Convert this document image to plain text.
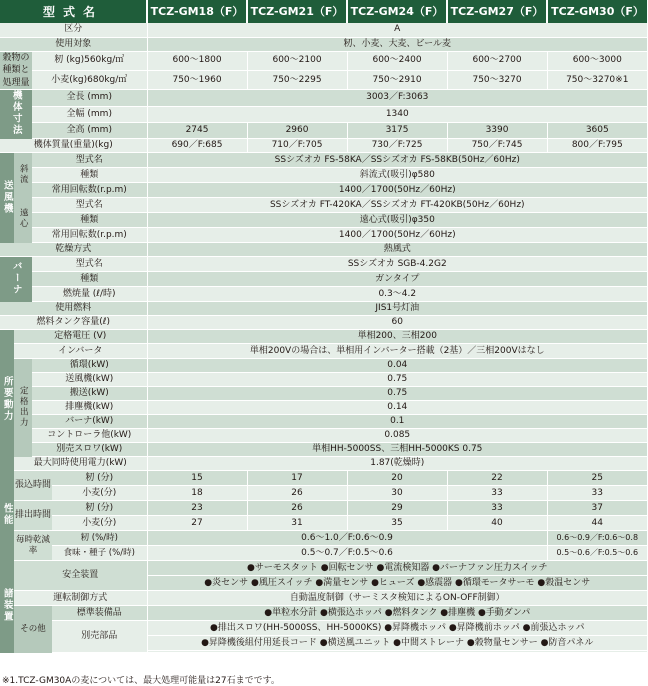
型式名				TCZ-GM18（F）	TCZ-GM21（F）	TCZ-GM24（F）	TCZ-GM27（F）	TCZ-GM30（F）
区分				A				
使用対象				籾、小麦、大麦、ビール麦				
穀物の種類と処理量		籾 (kg)560kg/㎥		600～1800	600～2100	600～2400	600～2700	600～3000
		小麦(kg)680kg/㎥		750～1960	750～2295	750～2910	750～3270	750～3270※1
機体寸法		全長 (mm)		3003／F:3063				
		全幅 (mm)		1340				
		全高 (mm)		2745	2960	3175	3390	3605
機体質量(重量)(kg)				690／F:685	710／F:705	730／F:725	750／F:745	800／F:795
送風機	斜流	型式名		SSシズオカ FS-58KA／SSシズオカ FS-58KB(50Hz／60Hz)				
		種類		斜流式(吸引)φ580				
		常用回転数(r.p.m)		1400／1700(50Hz／60Hz)				
	遠心	型式名		SSシズオカ FT-420KA／SSシズオカ FT-420KB(50Hz／60Hz)				
		種類		遠心式(吸引)φ350				
		常用回転数(r.p.m)		1400／1700(50Hz／60Hz)				
乾燥方式				熱風式				
バーナ		型式名		SSシズオカ SGB-4.2G2				
		種類		ガンタイプ				
		燃焼量 (ℓ/時)		0.3～4.2				
使用燃料				JIS1号灯油				
燃料タンク容量(ℓ)				60				
所要動力	定格電圧 (V)			単相200、三相200				
	インバータ			単相200Vの場合は、単相用インバーター搭載（2基）／三相200Vはなし				
	定格出力	循環(kW)		0.04				
		送風機(kW)		0.75				
		搬送(kW)		0.75				
		排塵機(kW)		0.14				
		バーナ(kW)		0.1				
		コントローラ他(kW)		0.085				
		別売スロワ(kW)		単相HH-5000SS、三相HH-5000KS 0.75				
	最大同時使用電力(kW)			1.87(乾燥時)				
性能	張込時間		籾 (分)	15	17	20	22	25
			小麦(分)	18	26	30	33	33
	排出時間		籾 (分)	23	26	29	33	37
			小麦(分)	27	31	35	40	44
	毎時乾減率		籾 (%/時)	0.6～1.0／F:0.6～0.9				0.6～0.9／F:0.6～0.8
			食味・種子 (%/時)	0.5～0.7／F:0.5～0.6				0.5～0.6／F:0.5～0.6
諸装置	安全装置			●サーモスタット ●回転センサ ●電流検知器 ●バーナファン圧力スイッチ				
				●炎センサ ●風圧スイッチ ●満量センサ ●ヒューズ ●感震器 ●循環モータサーモ ●穀温センサ				
	運転制御方式			自動温度制御（サーミスタ検知によるON-OFF制御）				
	その他		標準装備品	●単粒水分計 ●横張込ホッパ ●燃料タンク ●排塵機 ●手動ダンパ				
			別売部品	●排出スロワ(HH-5000SS、HH-5000KS) ●昇降機ホッパ ●昇降機前ホッパ ●前張込ホッパ				
				●昇降機後組付用延長コード ●横送風ユニット ●中間ストレーナ ●穀物量センサー ●防音パネル				

※1.TCZ-GM30Aの麦については、最大処理可能量は27石までです。
